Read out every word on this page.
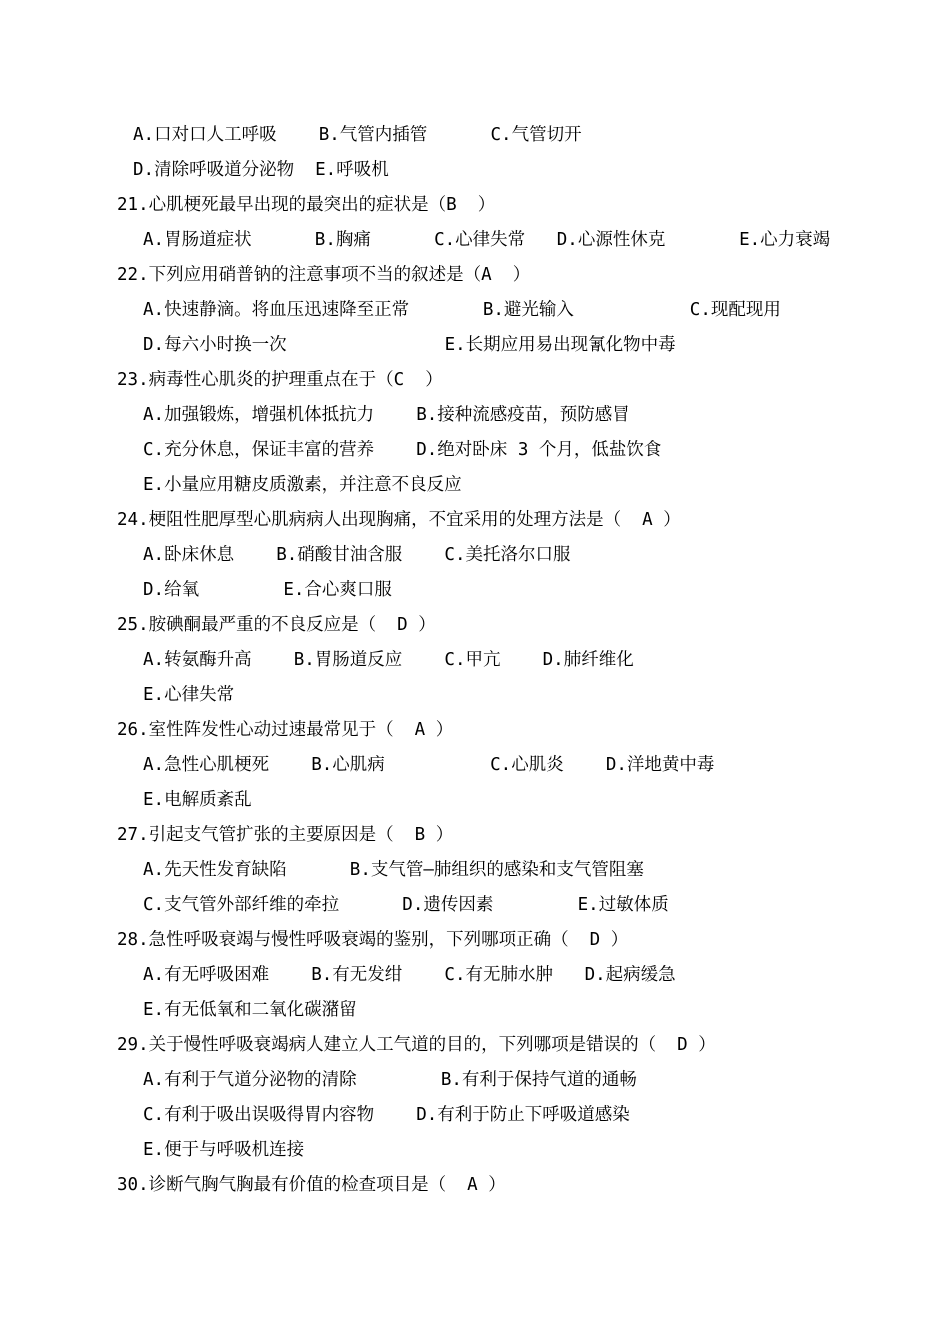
A.口对口人工呼吸    B.气管内插管      C.气管切开
D.清除呼吸道分泌物  E.呼吸机
21.心肌梗死最早出现的最突出的症状是（B  ）
A.胃肠道症状      B.胸痛      C.心律失常   D.心源性休克       E.心力衰竭
22.下列应用硝普钠的注意事项不当的叙述是（A  ）
A.快速静滴。将血压迅速降至正常       B.避光输入           C.现配现用
D.每六小时换一次               E.长期应用易出现氰化物中毒
23.病毒性心肌炎的护理重点在于（C  ）
A.加强锻炼，增强机体抵抗力    B.接种流感疫苗，预防感冒
C.充分休息，保证丰富的营养    D.绝对卧床 3 个月，低盐饮食
E.小量应用糖皮质激素，并注意不良反应
24.梗阻性肥厚型心肌病病人出现胸痛，不宜采用的处理方法是（  A ）
A.卧床休息    B.硝酸甘油含服    C.美托洛尔口服
D.给氧        E.合心爽口服
25.胺碘酮最严重的不良反应是（  D ）
A.转氨酶升高    B.胃肠道反应    C.甲亢    D.肺纤维化
E.心律失常
26.室性阵发性心动过速最常见于（  A ）
A.急性心肌梗死    B.心肌病          C.心肌炎    D.洋地黄中毒
E.电解质紊乱
27.引起支气管扩张的主要原因是（  B ）
A.先天性发育缺陷      B.支气管—肺组织的感染和支气管阻塞
C.支气管外部纤维的牵拉      D.遗传因素        E.过敏体质
28.急性呼吸衰竭与慢性呼吸衰竭的鉴别，下列哪项正确（  D ）
A.有无呼吸困难    B.有无发绀    C.有无肺水肿   D.起病缓急
E.有无低氧和二氧化碳潴留
29.关于慢性呼吸衰竭病人建立人工气道的目的，下列哪项是错误的（  D ）
A.有利于气道分泌物的清除        B.有利于保持气道的通畅
C.有利于吸出误吸得胃内容物    D.有利于防止下呼吸道感染
E.便于与呼吸机连接
30.诊断气胸气胸最有价值的检查项目是（  A ）
